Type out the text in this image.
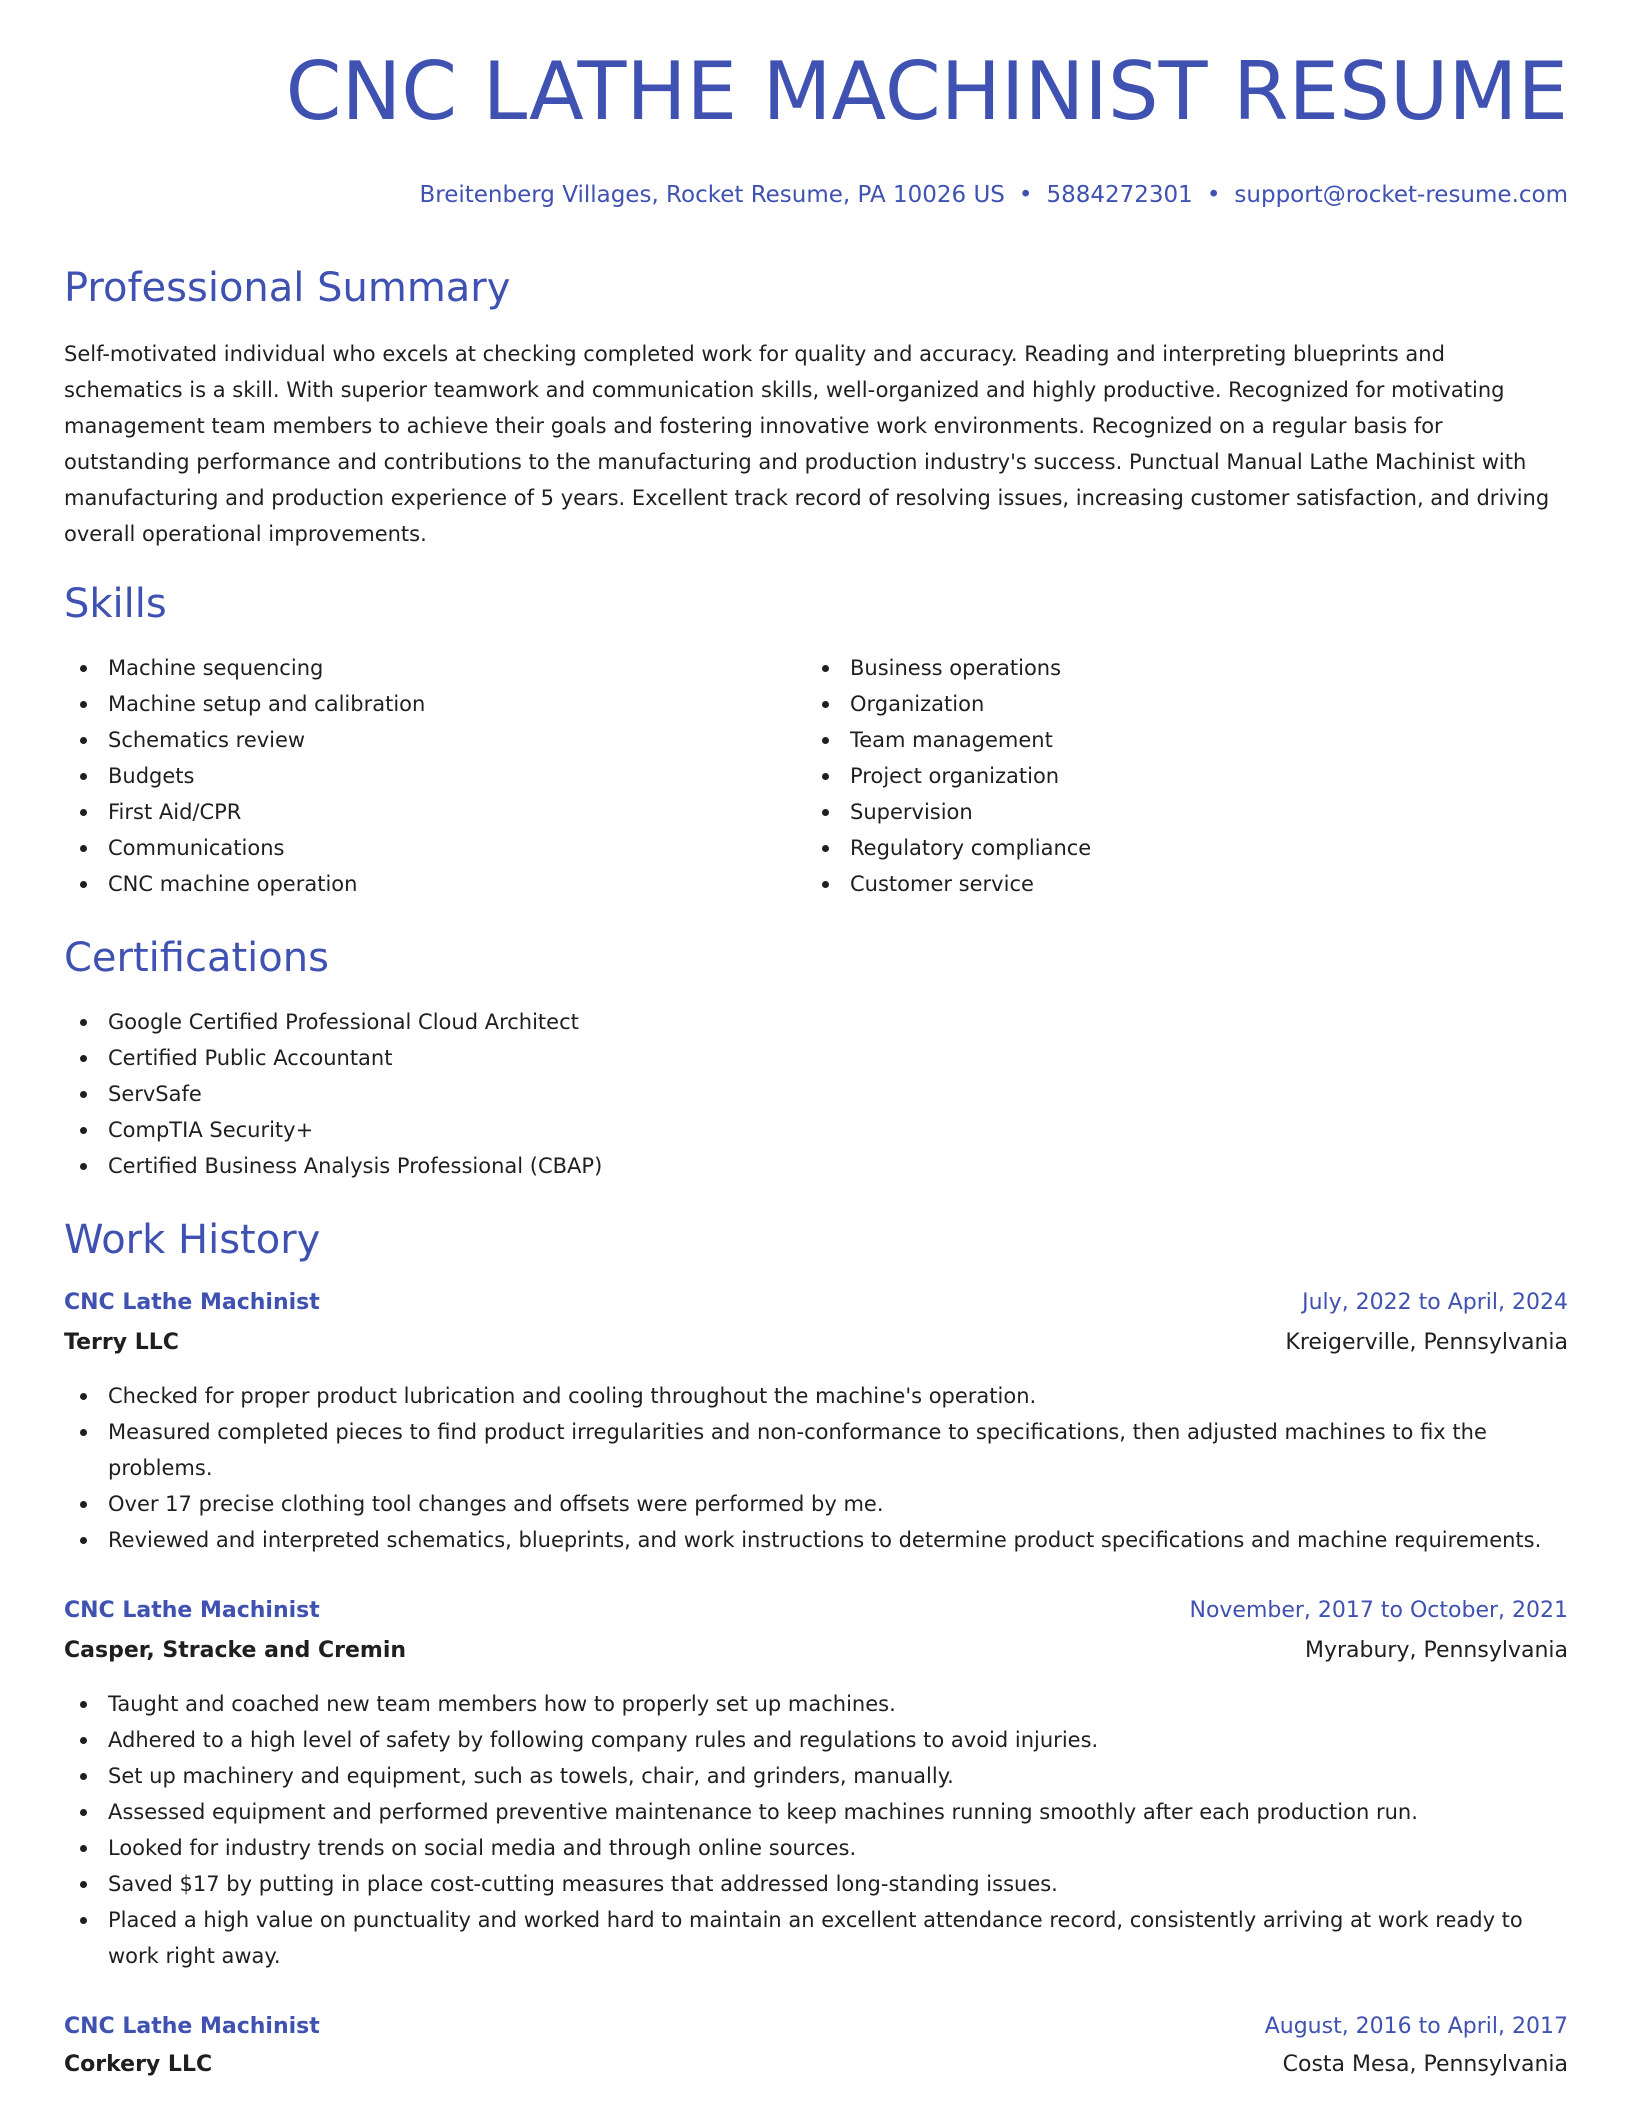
CNC LATHE MACHINIST RESUME
Breitenberg Villages, Rocket Resume, PA 10026 US • 5884272301 • support@rocket-resume.com
Professional Summary

Self-motivated individual who excels at checking completed work for quality and accuracy. Reading and interpreting blueprints and schematics is a skill. With superior teamwork and communication skills, well-organized and highly productive. Recognized for motivating management team members to achieve their goals and fostering innovative work environments. Recognized on a regular basis for outstanding performance and contributions to the manufacturing and production industry's success. Punctual Manual Lathe Machinist with manufacturing and production experience of 5 years. Excellent track record of resolving issues, increasing customer satisfaction, and driving overall operational improvements.

Skills
Machine sequencing
Machine setup and calibration
Schematics review
Budgets
First Aid/CPR
Communications
CNC machine operation
Business operations
Organization
Team management
Project organization
Supervision
Regulatory compliance
Customer service
Certifications
Google Certified Professional Cloud Architect
Certified Public Accountant
ServSafe
CompTIA Security+
Certified Business Analysis Professional (CBAP)
Work History
CNC Lathe Machinist	July, 2022 to April, 2024
Terry LLC	Kreigerville, Pennsylvania
Checked for proper product lubrication and cooling throughout the machine's operation.
Measured completed pieces to find product irregularities and non-conformance to specifications, then adjusted machines to fix the problems.
Over 17 precise clothing tool changes and offsets were performed by me.
Reviewed and interpreted schematics, blueprints, and work instructions to determine product specifications and machine requirements.
CNC Lathe Machinist	November, 2017 to October, 2021
Casper, Stracke and Cremin	Myrabury, Pennsylvania
Taught and coached new team members how to properly set up machines.
Adhered to a high level of safety by following company rules and regulations to avoid injuries.
Set up machinery and equipment, such as towels, chair, and grinders, manually.
Assessed equipment and performed preventive maintenance to keep machines running smoothly after each production run.
Looked for industry trends on social media and through online sources.
Saved $17 by putting in place cost-cutting measures that addressed long-standing issues.
Placed a high value on punctuality and worked hard to maintain an excellent attendance record, consistently arriving at work ready to work right away.
CNC Lathe Machinist	August, 2016 to April, 2017
Corkery LLC	Costa Mesa, Pennsylvania
